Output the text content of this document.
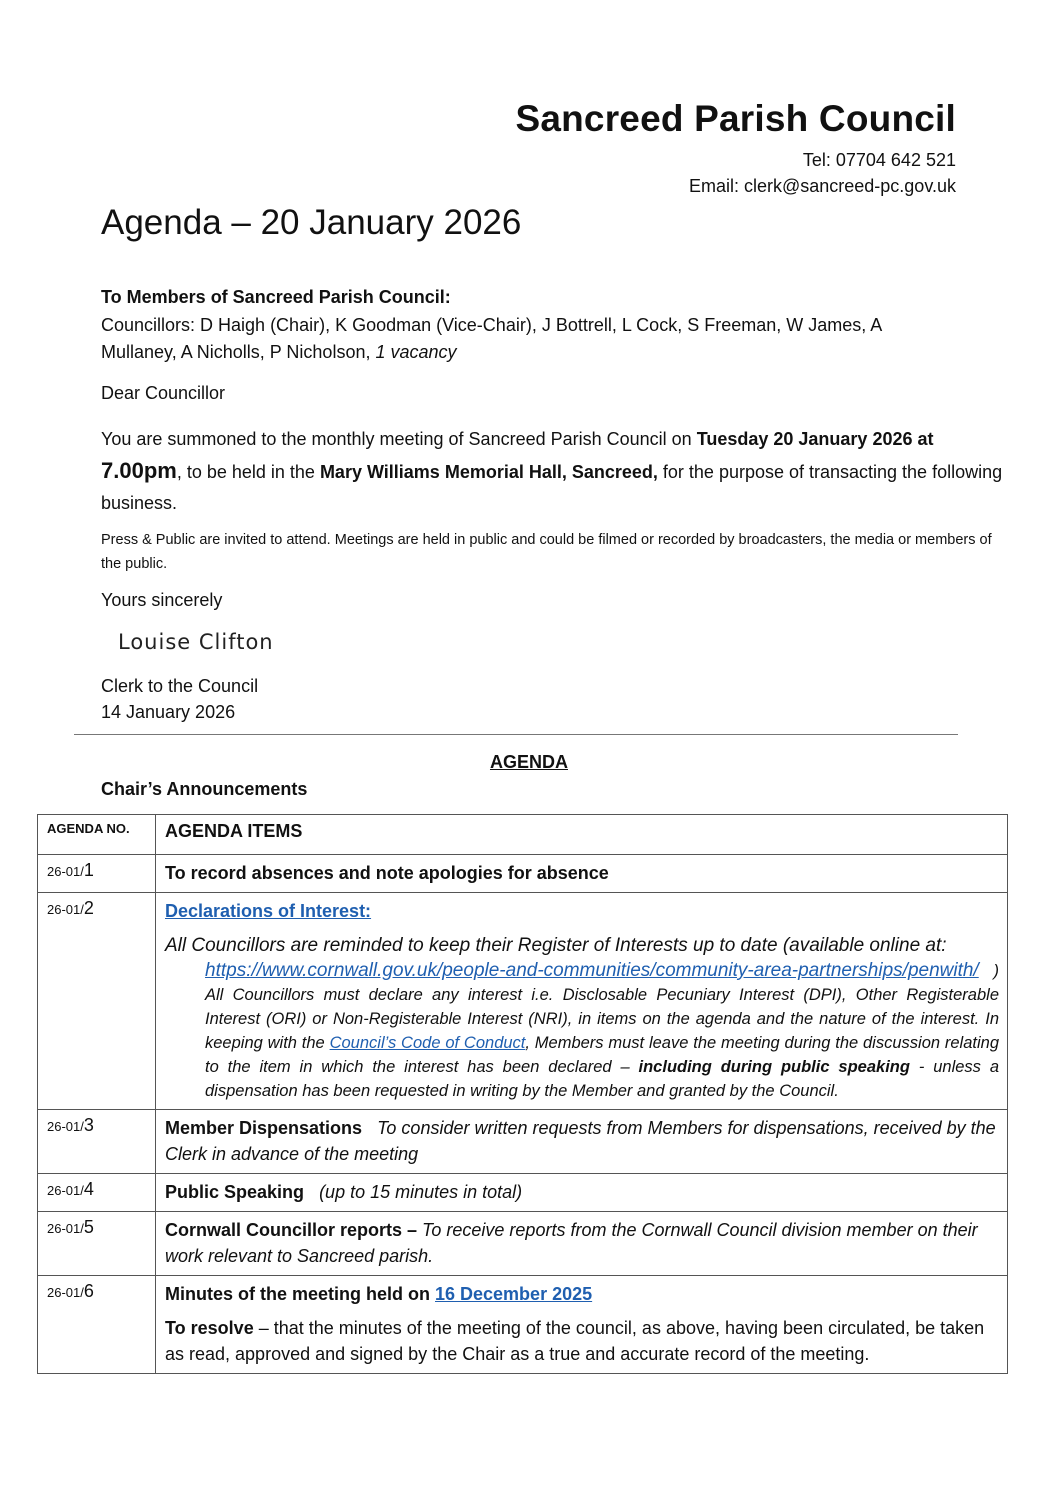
Sancreed Parish Council
Tel: 07704 642 521
Email: clerk@sancreed-pc.gov.uk
Agenda – 20 January 2026
To Members of Sancreed Parish Council:
Councillors: D Haigh (Chair), K Goodman (Vice-Chair), J Bottrell, L Cock, S Freeman, W James, A Mullaney, A Nicholls, P Nicholson, 1 vacancy
Dear Councillor
You are summoned to the monthly meeting of Sancreed Parish Council on Tuesday 20 January 2026 at 7.00pm, to be held in the Mary Williams Memorial Hall, Sancreed, for the purpose of transacting the following business.
Press & Public are invited to attend. Meetings are held in public and could be filmed or recorded by broadcasters, the media or members of the public.
Yours sincerely
Louise Clifton
Clerk to the Council
14 January 2026
AGENDA
Chair’s Announcements
AGENDA NO.	AGENDA ITEMS
26-01/1	To record absences and note apologies for absence
26-01/2	Declarations of Interest:
All Councillors are reminded to keep their Register of Interests up to date (available online at:
https://www.cornwall.gov.uk/people-and-communities/community-area-partnerships/penwith/ ) All Councillors must declare any interest i.e. Disclosable Pecuniary Interest (DPI), Other Registerable Interest (ORI) or Non-Registerable Interest (NRI), in items on the agenda and the nature of the interest. In keeping with the Council’s Code of Conduct, Members must leave the meeting during the discussion relating to the item in which the interest has been declared – including during public speaking - unless a dispensation has been requested in writing by the Member and granted by the Council.

26-01/3	Member Dispensations To consider written requests from Members for dispensations, received by the Clerk in advance of the meeting
26-01/4	Public Speaking (up to 15 minutes in total)
26-01/5	Cornwall Councillor reports – To receive reports from the Cornwall Council division member on their work relevant to Sancreed parish.
26-01/6	Minutes of the meeting held on 16 December 2025
To resolve – that the minutes of the meeting of the council, as above, having been circulated, be taken as read, approved and signed by the Chair as a true and accurate record of the meeting.
